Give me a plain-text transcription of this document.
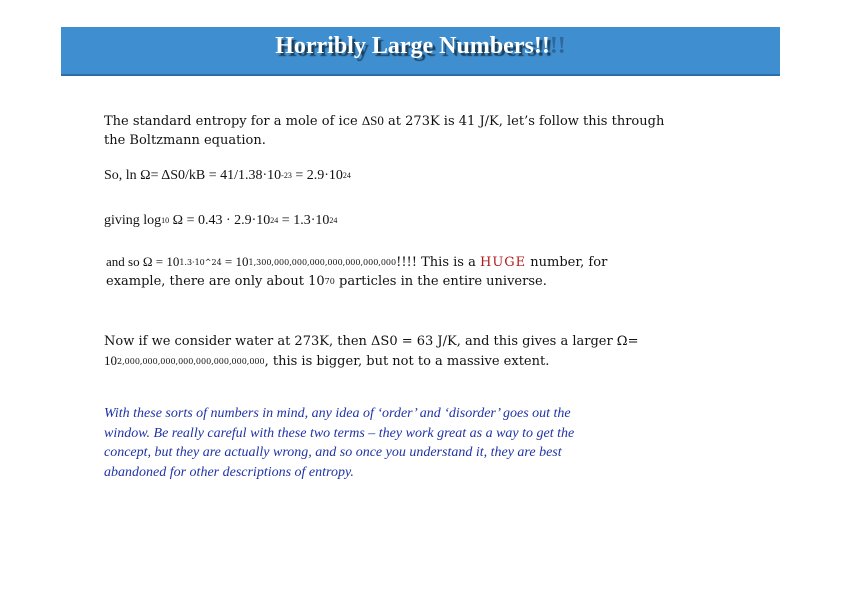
Horribly Large Numbers!!!!
The standard entropy for a mole of ice ΔS0 at 273K is 41 J/K, let’s follow this through
the Boltzmann equation.
So, $\ln \Omega= \Delta S0/kB = 41/1.38\cdot 10^{-23} = 2.9\cdot 10^{24}$
giving $\log_{10} \Omega = 0.43 \cdot 2.9\cdot 10^{24} = 1.3\cdot 10^{24}$
and so $\Omega = 10^{1.3\cdot 10\^{}24} = 10^{1,300,000,000,000,000,000,000,000}$!!!! This is a HUGE number, for
example, there are only about $10^{70}$ particles in the entire universe.
Now if we consider water at 273K, then ΔS0 = 63 J/K, and this gives a larger Ω=
$10^{2,000,000,000,000,000,000,000,000}$, this is bigger, but not to a massive extent.
With these sorts of numbers in mind, any idea of ‘order’ and ‘disorder’ goes out the
window. Be really careful with these two terms – they work great as a way to get the
concept, but they are actually wrong, and so once you understand it, they are best
abandoned for other descriptions of entropy.
